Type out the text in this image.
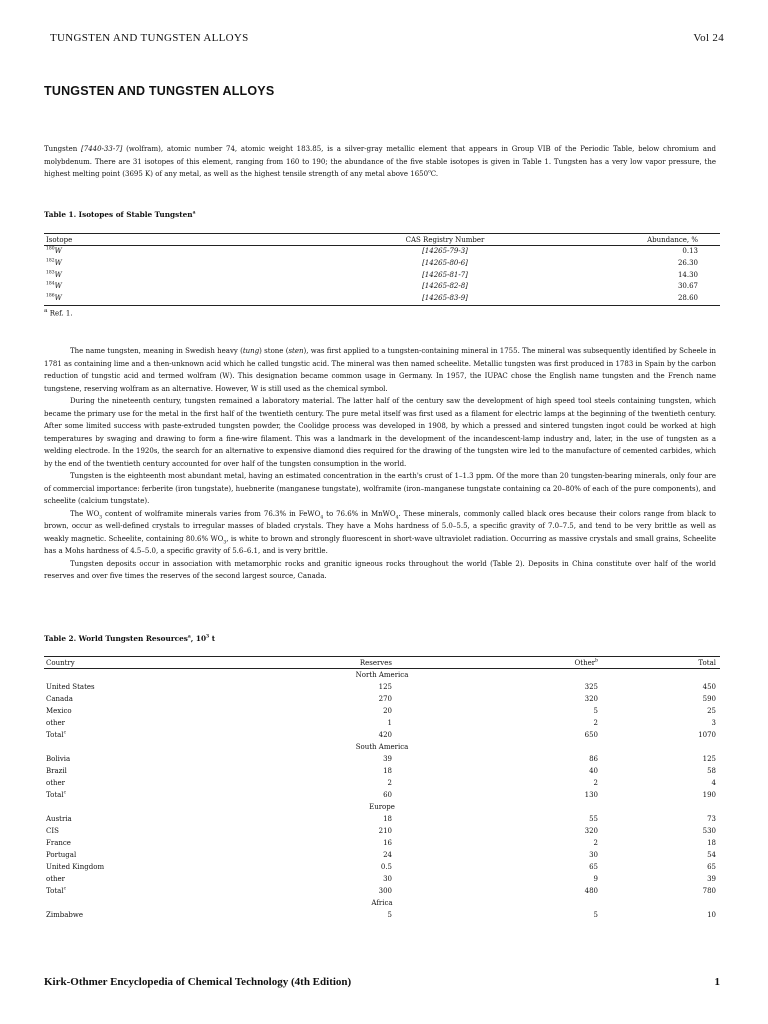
TUNGSTEN AND TUNGSTEN ALLOYS	Vol 24
TUNGSTEN AND TUNGSTEN ALLOYS

Tungsten [7440-33-7] (wolfram), atomic number 74, atomic weight 183.85, is a silver-gray metallic element that appears in Group VIB of the Periodic Table, below chromium and molybdenum. There are 31 isotopes of this element, ranging from 160 to 190; the abundance of the five stable isotopes is given in Table 1. Tungsten has a very low vapor pressure, the highest melting point (3695 K) of any metal, as well as the highest tensile strength of any metal above 1650$^o$C.

Table 1. Isotopes of Stable Tungsten$^a$
Isotope	CAS Registry Number	Abundance, %
$^{180}$W	[14265-79-3]	0.13
$^{182}$W	[14265-80-6]	26.30
$^{183}$W	[14265-81-7]	14.30
$^{184}$W	[14265-82-8]	30.67
$^{186}$W	[14265-83-9]	28.60
$^a$ Ref. 1.

The name tungsten, meaning in Swedish heavy (tung) stone (sten), was first applied to a tungsten-containing mineral in 1755. The mineral was subsequently identified by Scheele in 1781 as containing lime and a then-unknown acid which he called tungstic acid. The mineral was then named scheelite. Metallic tungsten was first produced in 1783 in Spain by the carbon reduction of tungstic acid and termed wolfram (W). This designation became common usage in Germany. In 1957, the IUPAC chose the English name tungsten and the French name tungstene, reserving wolfram as an alternative. However, W is still used as the chemical symbol.

During the nineteenth century, tungsten remained a laboratory material. The latter half of the century saw the development of high speed tool steels containing tungsten, which became the primary use for the metal in the first half of the twentieth century. The pure metal itself was first used as a filament for electric lamps at the beginning of the twentieth century. After some limited success with paste-extruded tungsten powder, the Coolidge process was developed in 1908, by which a pressed and sintered tungsten ingot could be worked at high temperatures by swaging and drawing to form a fine-wire filament. This was a landmark in the development of the incandescent-lamp industry and, later, in the use of tungsten as a welding electrode. In the 1920s, the search for an alternative to expensive diamond dies required for the drawing of the tungsten wire led to the manufacture of cemented carbides, which by the end of the twentieth century accounted for over half of the tungsten consumption in the world.

Tungsten is the eighteenth most abundant metal, having an estimated concentration in the earth's crust of 1–1.3 ppm. Of the more than 20 tungsten-bearing minerals, only four are of commercial importance: ferberite (iron tungstate), huebnerite (manganese tungstate), wolframite (iron–manganese tungstate containing ca 20–80% of each of the pure components), and scheelite (calcium tungstate).

The $WO_3$ content of wolframite minerals varies from 76.3% in FeWO$_4$ to 76.6% in MnWO$_4$. These minerals, commonly called black ores because their colors range from black to brown, occur as well-defined crystals to irregular masses of bladed crystals. They have a Mohs hardness of 5.0–5.5, a specific gravity of 7.0–7.5, and tend to be very brittle as well as weakly magnetic. Scheelite, containing 80.6% $WO_3$, is white to brown and strongly fluorescent in short-wave ultraviolet radiation. Occurring as massive crystals and small grains, Scheelite has a Mohs hardness of 4.5–5.0, a specific gravity of 5.6–6.1, and is very brittle.

Tungsten deposits occur in association with metamorphic rocks and granitic igneous rocks throughout the world (Table 2). Deposits in China constitute over half of the world reserves and over five times the reserves of the second largest source, Canada.

Table 2. World Tungsten Resources$^a$, $10^3$ t
Country	Reserves	Other$^b$	Total
North America			
United States	125	325	450
Canada	270	320	590
Mexico	20	5	25
other	1	2	3
Total$^c$	420	650	1070
South America			
Bolivia	39	86	125
Brazil	18	40	58
other	2	2	4
Total$^c$	60	130	190
Europe			
Austria	18	55	73
CIS	210	320	530
France	16	2	18
Portugal	24	30	54
United Kingdom	0.5	65	65
other	30	9	39
Total$^c$	300	480	780
Africa			
Zimbabwe	5	5	10
Kirk-Othmer Encyclopedia of Chemical Technology (4th Edition)	1
